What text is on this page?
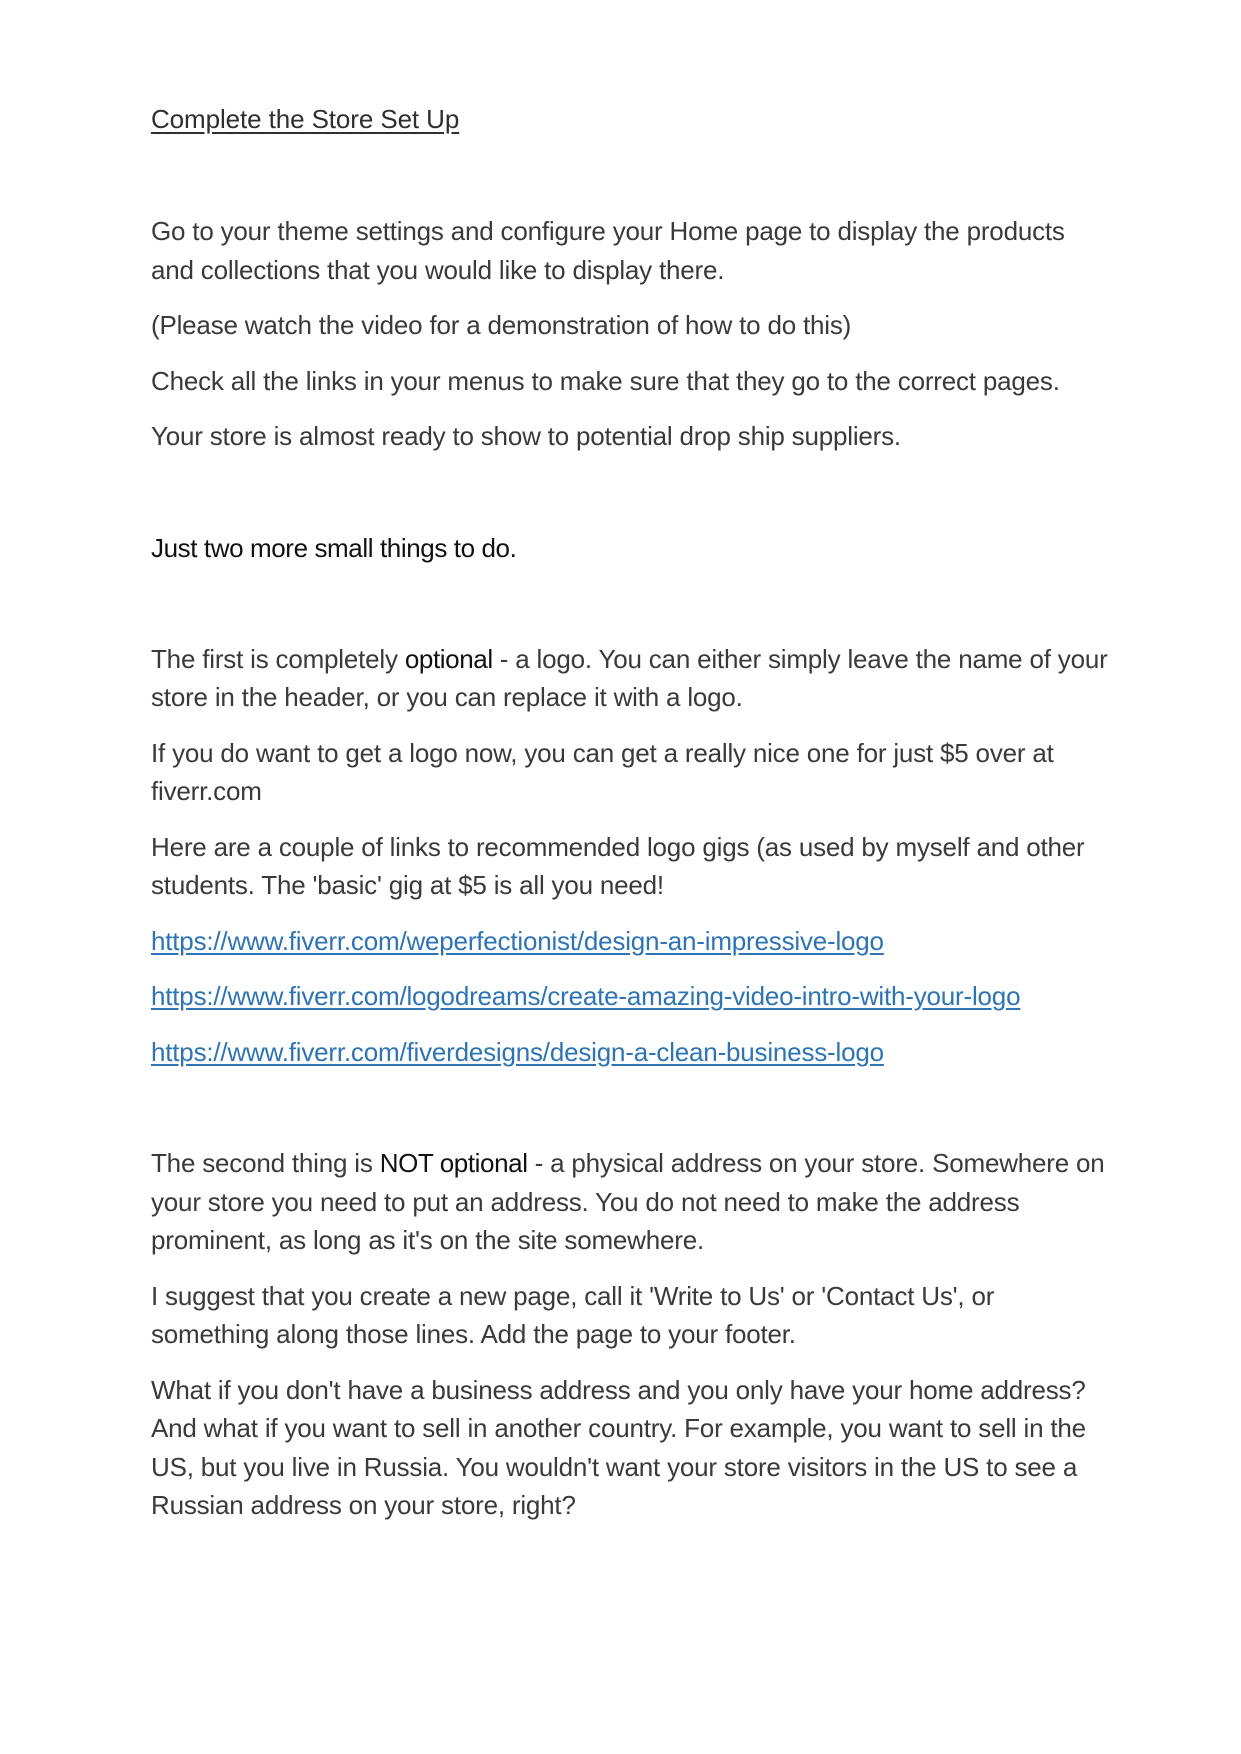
Complete the Store Set Up

Go to your theme settings and configure your Home page to display the products and collections that you would like to display there.

(Please watch the video for a demonstration of how to do this)

Check all the links in your menus to make sure that they go to the correct pages.

Your store is almost ready to show to potential drop ship suppliers.

Just two more small things to do.

The first is completely optional - a logo. You can either simply leave the name of your store in the header, or you can replace it with a logo.

If you do want to get a logo now, you can get a really nice one for just $5 over at fiverr.com

Here are a couple of links to recommended logo gigs (as used by myself and other students. The 'basic' gig at $5 is all you need!

https://www.fiverr.com/weperfectionist/design-an-impressive-logo
https://www.fiverr.com/logodreams/create-amazing-video-intro-with-your-logo
https://www.fiverr.com/fiverdesigns/design-a-clean-business-logo

The second thing is NOT optional - a physical address on your store. Somewhere on your store you need to put an address. You do not need to make the address prominent, as long as it's on the site somewhere.

I suggest that you create a new page, call it 'Write to Us' or 'Contact Us', or something along those lines. Add the page to your footer.

What if you don't have a business address and you only have your home address? And what if you want to sell in another country. For example, you want to sell in the US, but you live in Russia. You wouldn't want your store visitors in the US to see a Russian address on your store, right?
